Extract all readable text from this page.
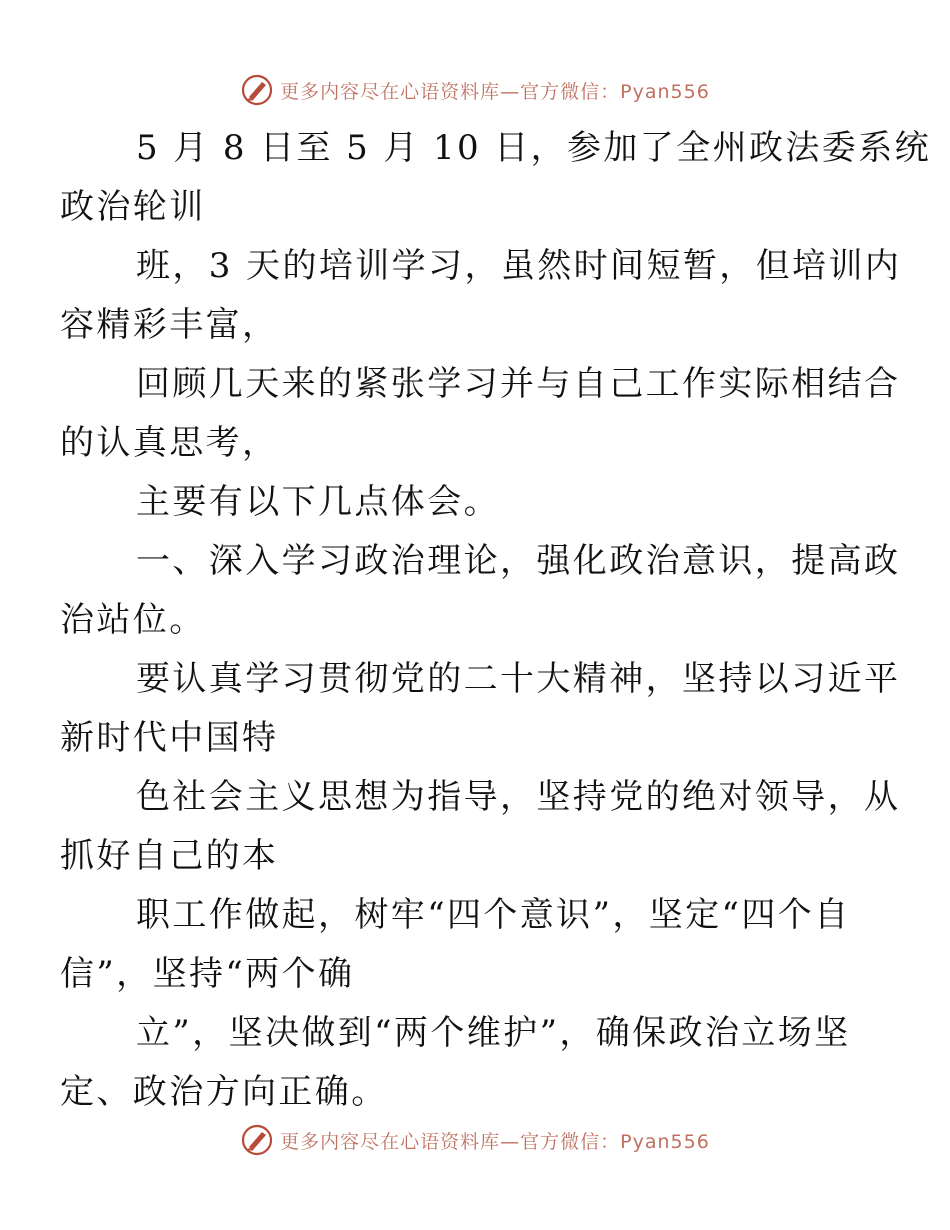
更多内容尽在心语资料库—官方微信：Pyan556

5 月 8 日至 5 月 10 日，参加了全州政法委系统
政治轮训

班，3 天的培训学习，虽然时间短暂，但培训内
容精彩丰富，

回顾几天来的紧张学习并与自己工作实际相结合
的认真思考，

主要有以下几点体会。

一、深入学习政治理论，强化政治意识，提高政
治站位。

要认真学习贯彻党的二十大精神，坚持以习近平
新时代中国特

色社会主义思想为指导，坚持党的绝对领导，从
抓好自己的本

职工作做起，树牢“四个意识”，坚定“四个自
信”，坚持“两个确

立”，坚决做到“两个维护”，确保政治立场坚
定、政治方向正确。

更多内容尽在心语资料库—官方微信：Pyan556
